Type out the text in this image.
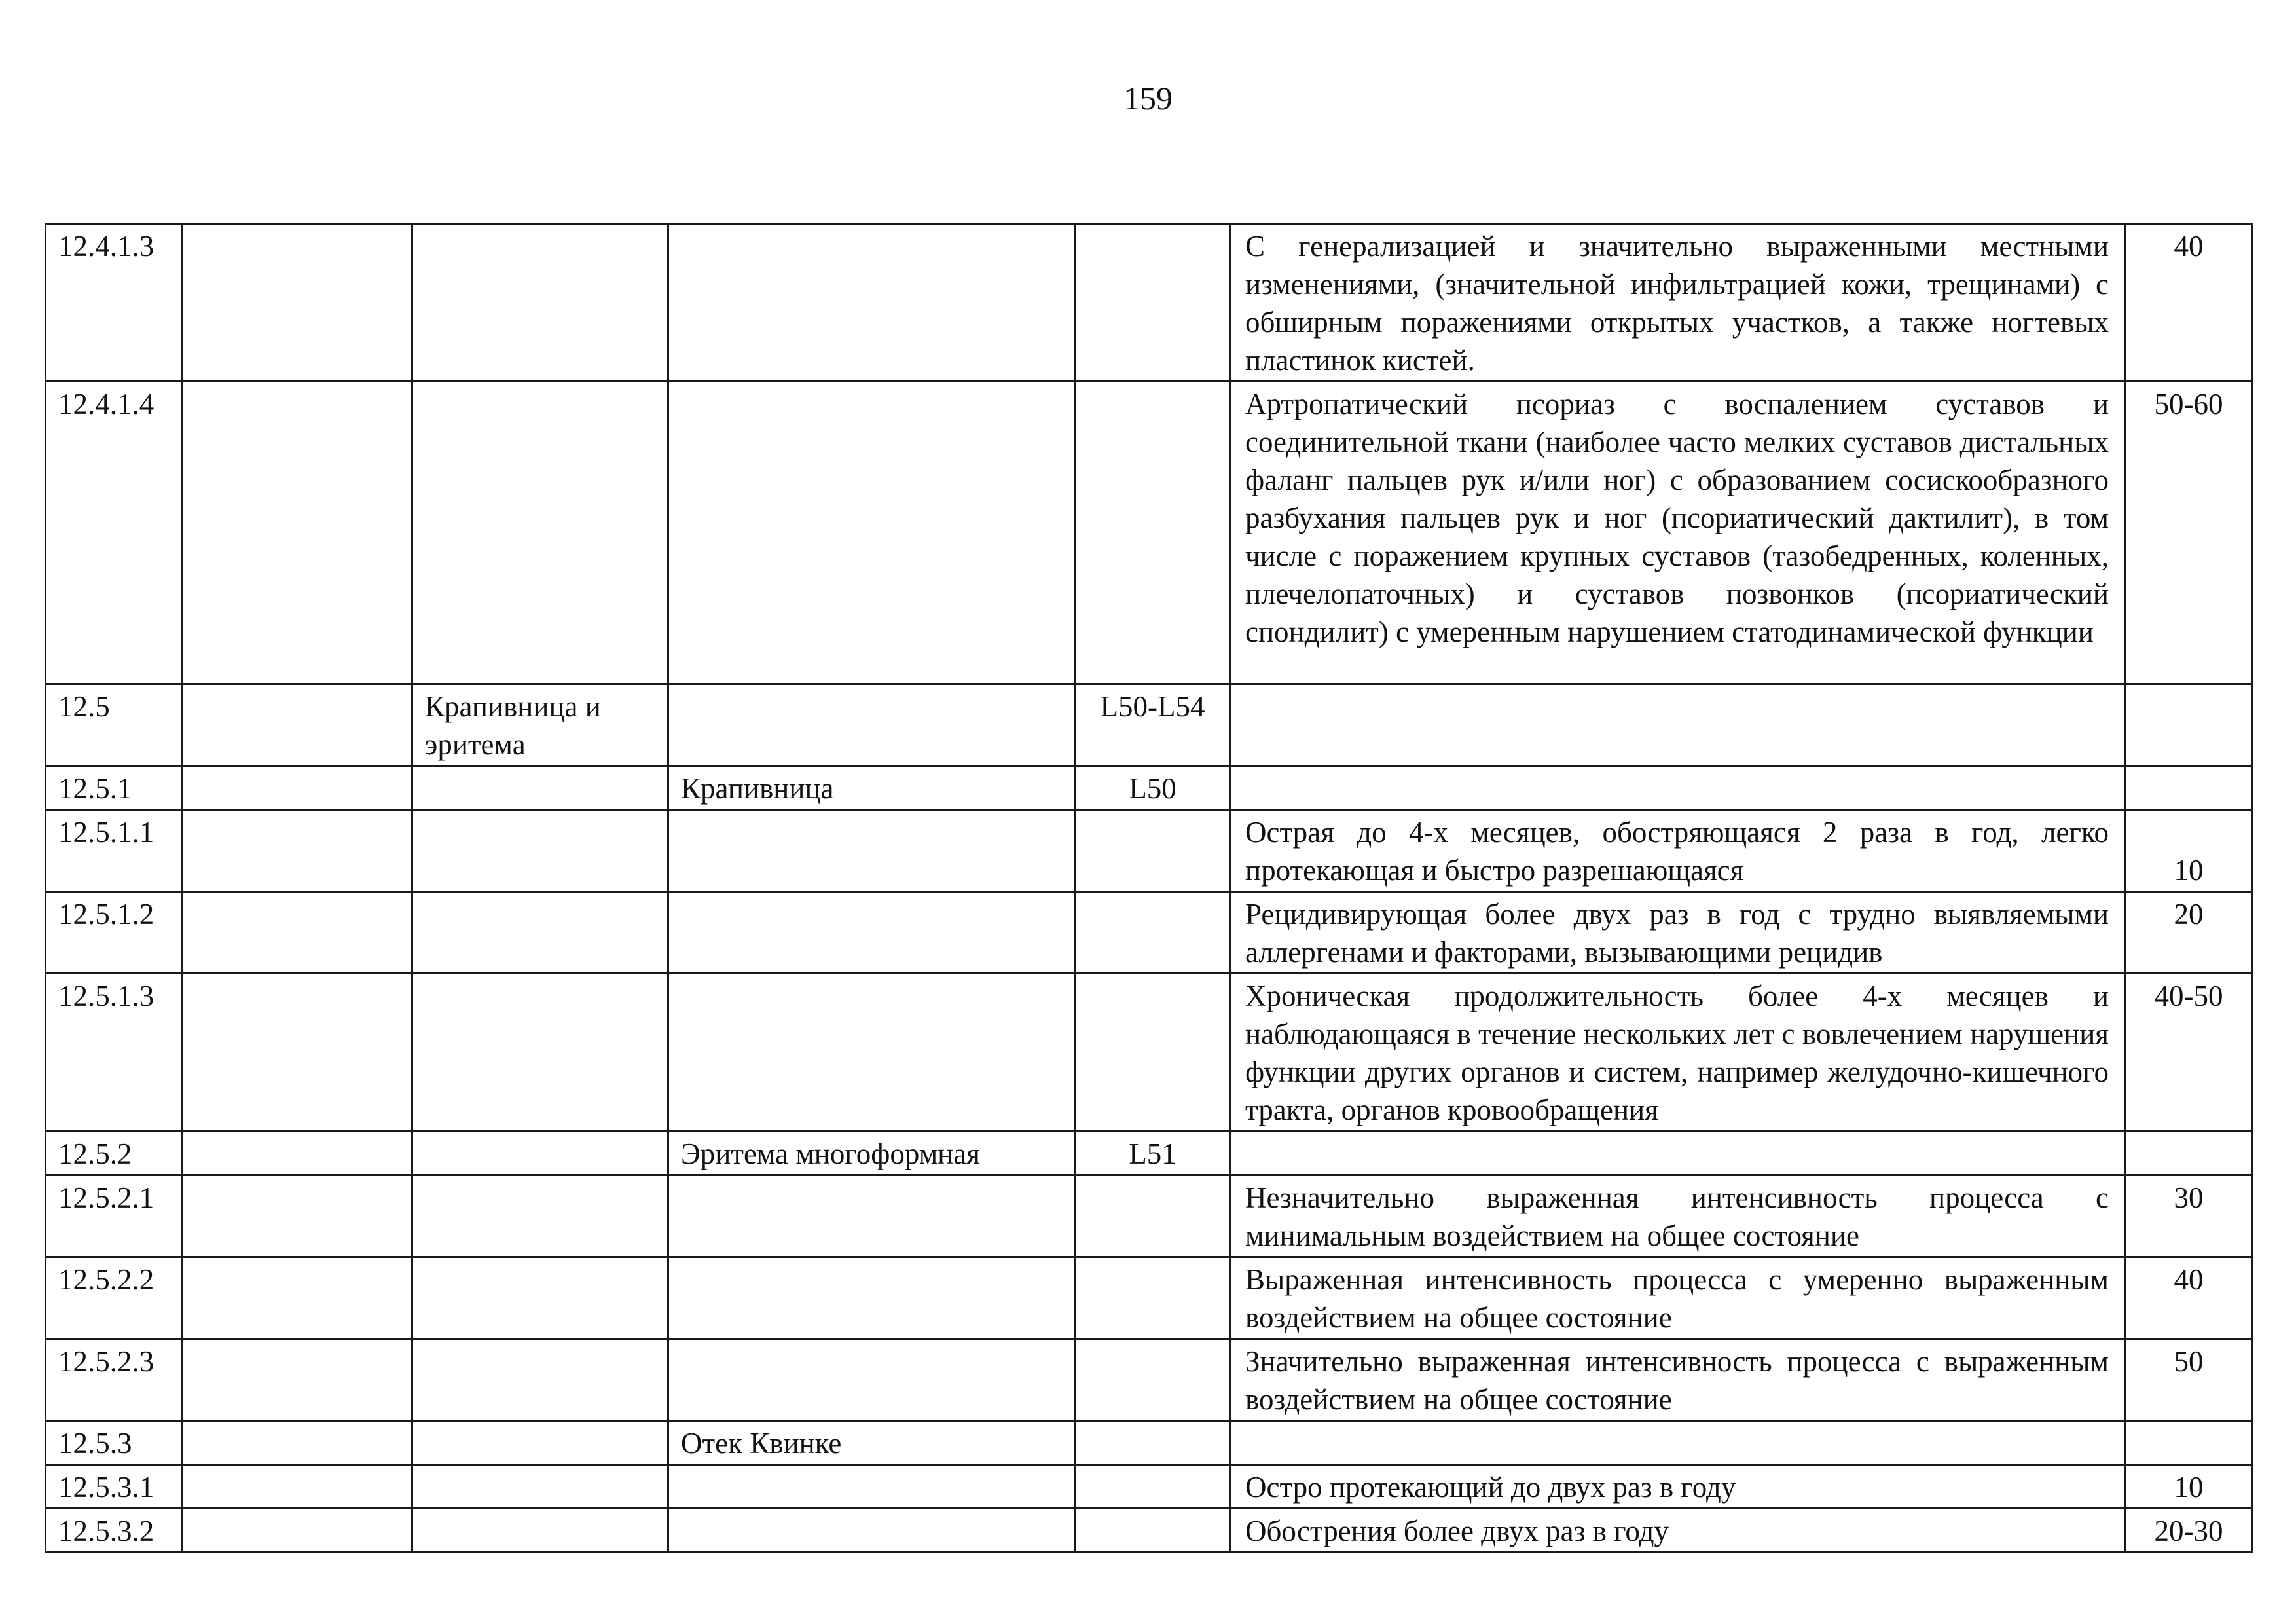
159
12.4.1.3					С генерализацией и значительно выраженными местными изменениями, (значительной инфильтрацией кожи, трещинами) с обширным поражениями открытых участков, а также ногтевых пластинок кистей.	40
12.4.1.4					Артропатический псориаз с воспалением суставов и соединительной ткани (наиболее часто мелких суставов дистальных фаланг пальцев рук и/или ног) с образованием сосискообразного разбухания пальцев рук и ног (псориатический дактилит), в том числе с поражением крупных суставов (тазобедренных, коленных, плечелопаточных) и суставов позвонков (псориатический спондилит) с умеренным нарушением статодинамической функции	50-60
12.5		Крапивница и эритема		L50-L54		
12.5.1			Крапивница	L50		
12.5.1.1					Острая до 4-х месяцев, обостряющаяся 2 раза в год, легко протекающая и быстро разрешающаяся	10
12.5.1.2					Рецидивирующая более двух раз в год с трудно выявляемыми аллергенами и факторами, вызывающими рецидив	20
12.5.1.3					Хроническая продолжительность более 4-х месяцев и наблюдающаяся в течение нескольких лет с вовлечением нарушения функции других органов и систем, например желудочно-кишечного тракта, органов кровообращения	40-50
12.5.2			Эритема многоформная	L51		
12.5.2.1					Незначительно выраженная интенсивность процесса с минимальным воздействием на общее состояние	30
12.5.2.2					Выраженная интенсивность процесса с умеренно выраженным воздействием на общее состояние	40
12.5.2.3					Значительно выраженная интенсивность процесса с выраженным воздействием на общее состояние	50
12.5.3			Отек Квинке			
12.5.3.1					Остро протекающий до двух раз в году	10
12.5.3.2					Обострения более двух раз в году	20-30
